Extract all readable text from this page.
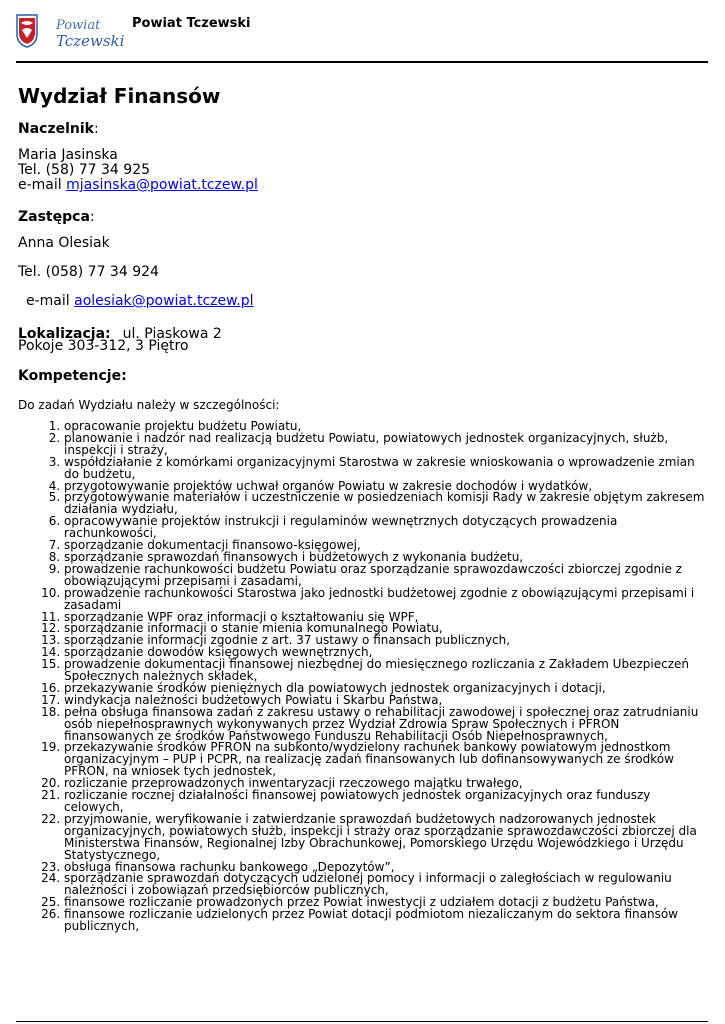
Powiat
Tczewski
Powiat Tczewski
Wydział Finansów
Naczelnik:
Maria Jasinska
Tel. (58) 77 34 925
e-mail mjasinska@powiat.tczew.pl
Zastępca:
Anna Olesiak
Tel. (058) 77 34 924
e-mail aolesiak@powiat.tczew.pl
Lokalizacja: ul. Piaskowa 2
Pokoje 303-312, 3 Piętro
Kompetencje:
Do zadań Wydziału należy w szczególności:
1. opracowanie projektu budżetu Powiatu,
2. planowanie i nadzór nad realizacją budżetu Powiatu, powiatowych jednostek organizacyjnych, służb, inspekcji i straży,
3. współdziałanie z komórkami organizacyjnymi Starostwa w zakresie wnioskowania o wprowadzenie zmian do budżetu,
4. przygotowywanie projektów uchwał organów Powiatu w zakresie dochodów i wydatków,
5. przygotowywanie materiałów i uczestniczenie w posiedzeniach komisji Rady w zakresie objętym zakresem działania wydziału,
6. opracowywanie projektów instrukcji i regulaminów wewnętrznych dotyczących prowadzenia rachunkowości,
7. sporządzanie dokumentacji finansowo-księgowej,
8. sporządzanie sprawozdań finansowych i budżetowych z wykonania budżetu,
9. prowadzenie rachunkowości budżetu Powiatu oraz sporządzanie sprawozdawczości zbiorczej zgodnie z obowiązującymi przepisami i zasadami,
10. prowadzenie rachunkowości Starostwa jako jednostki budżetowej zgodnie z obowiązującymi przepisami i zasadami
11. sporządzanie WPF oraz informacji o kształtowaniu się WPF,
12. sporządzanie informacji o stanie mienia komunalnego Powiatu,
13. sporządzanie informacji zgodnie z art. 37 ustawy o finansach publicznych,
14. sporządzanie dowodów księgowych wewnętrznych,
15. prowadzenie dokumentacji finansowej niezbędnej do miesięcznego rozliczania z Zakładem Ubezpieczeń Społecznych należnych składek,
16. przekazywanie środków pieniężnych dla powiatowych jednostek organizacyjnych i dotacji,
17. windykacja należności budżetowych Powiatu i Skarbu Państwa,
18. pełna obsługa finansowa zadań z zakresu ustawy o rehabilitacji zawodowej i społecznej oraz zatrudnianiu osób niepełnosprawnych wykonywanych przez Wydział Zdrowia Spraw Społecznych i PFRON finansowanych ze środków Państwowego Funduszu Rehabilitacji Osób Niepełnosprawnych,
19. przekazywanie środków PFRON na subkonto/wydzielony rachunek bankowy powiatowym jednostkom organizacyjnym – PUP i PCPR, na realizację zadań finansowanych lub dofinansowywanych ze środków PFRON, na wniosek tych jednostek,
20. rozliczanie przeprowadzonych inwentaryzacji rzeczowego majątku trwałego,
21. rozliczanie rocznej działalności finansowej powiatowych jednostek organizacyjnych oraz funduszy celowych,
22. przyjmowanie, weryfikowanie i zatwierdzanie sprawozdań budżetowych nadzorowanych jednostek organizacyjnych, powiatowych służb, inspekcji i straży oraz sporządzanie sprawozdawczości zbiorczej dla Ministerstwa Finansów, Regionalnej Izby Obrachunkowej, Pomorskiego Urzędu Wojewódzkiego i Urzędu Statystycznego,
23. obsługa finansowa rachunku bankowego „Depozytów”,
24. sporządzanie sprawozdań dotyczących udzielonej pomocy i informacji o zaległościach w regulowaniu należności i zobowiązań przedsiębiorców publicznych,
25. finansowe rozliczanie prowadzonych przez Powiat inwestycji z udziałem dotacji z budżetu Państwa,
26. finansowe rozliczanie udzielonych przez Powiat dotacji podmiotom niezaliczanym do sektora finansów publicznych,
